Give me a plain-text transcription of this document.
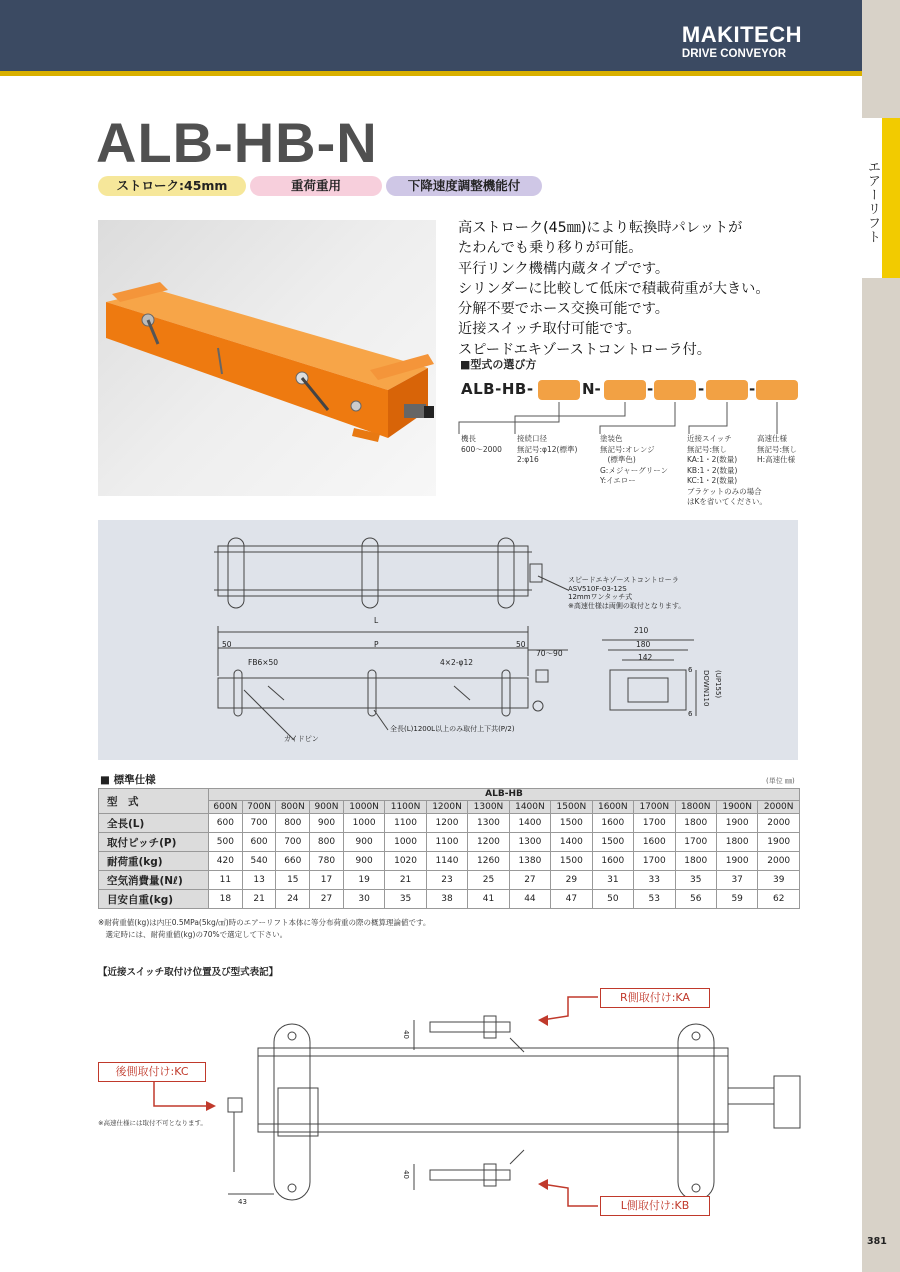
MAKITECH
DRIVE CONVEYOR
エアーリフト
ALB-HB-N
ストローク:45mm	重荷重用	下降速度調整機能付
高ストローク(45㎜)により転換時パレットが
たわんでも乗り移りが可能。
平行リンク機構内蔵タイプです。
シリンダーに比較して低床で積載荷重が大きい。
分解不要でホース交換可能です。
近接スイッチ取付可能です。
スピードエキゾーストコントローラ付。
■型式の選び方
ALB-HB-	N-	-	-	-
機長
600〜2000
接続口径
無記号:φ12(標準)
2:φ16
塗装色
無記号:オレンジ
　(標準色)
G:メジャーグリーン
Y:イエロー
近接スイッチ
無記号:無し
KA:1・2(数量)
KB:1・2(数量)
KC:1・2(数量)
ブラケットのみの場合
はKを省いてください。
高速仕様
無記号:無し
H:高速仕様
L
P
50	50
FB6×50	4×2-φ12
ガイドピン
全長(L)1200L以上のみ取付上下共(P/2)
70〜90
210
180
142
6
6
DOWN110 (UP155)
スピードエキゾーストコントローラ
ASV510F-03-12S
12mmワンタッチ式
※高速仕様は両側の取付となります。
■ 標準仕様	(単位 ㎜)
型　式	ALB-HB														
	600N	700N	800N	900N	1000N	1100N	1200N	1300N	1400N	1500N	1600N	1700N	1800N	1900N	2000N
全長(L)	600	700	800	900	1000	1100	1200	1300	1400	1500	1600	1700	1800	1900	2000
取付ピッチ(P)	500	600	700	800	900	1000	1100	1200	1300	1400	1500	1600	1700	1800	1900
耐荷重(kg)	420	540	660	780	900	1020	1140	1260	1380	1500	1600	1700	1800	1900	2000
空気消費量(Nℓ)	11	13	15	17	19	21	23	25	27	29	31	33	35	37	39
目安自重(kg)	18	21	24	27	30	35	38	41	44	47	50	53	56	59	62
※耐荷重値(kg)は内圧0.5MPa(5kg/㎠)時のエアーリフト本体に等分布荷重の際の概算理論値です。
　選定時には、耐荷重値(kg)の70%で選定して下さい。
【近接スイッチ取付け位置及び型式表記】
R側取付け:KA
L側取付け:KB
後側取付け:KC
※高速仕様には取付不可となります。
40
40
43
381
